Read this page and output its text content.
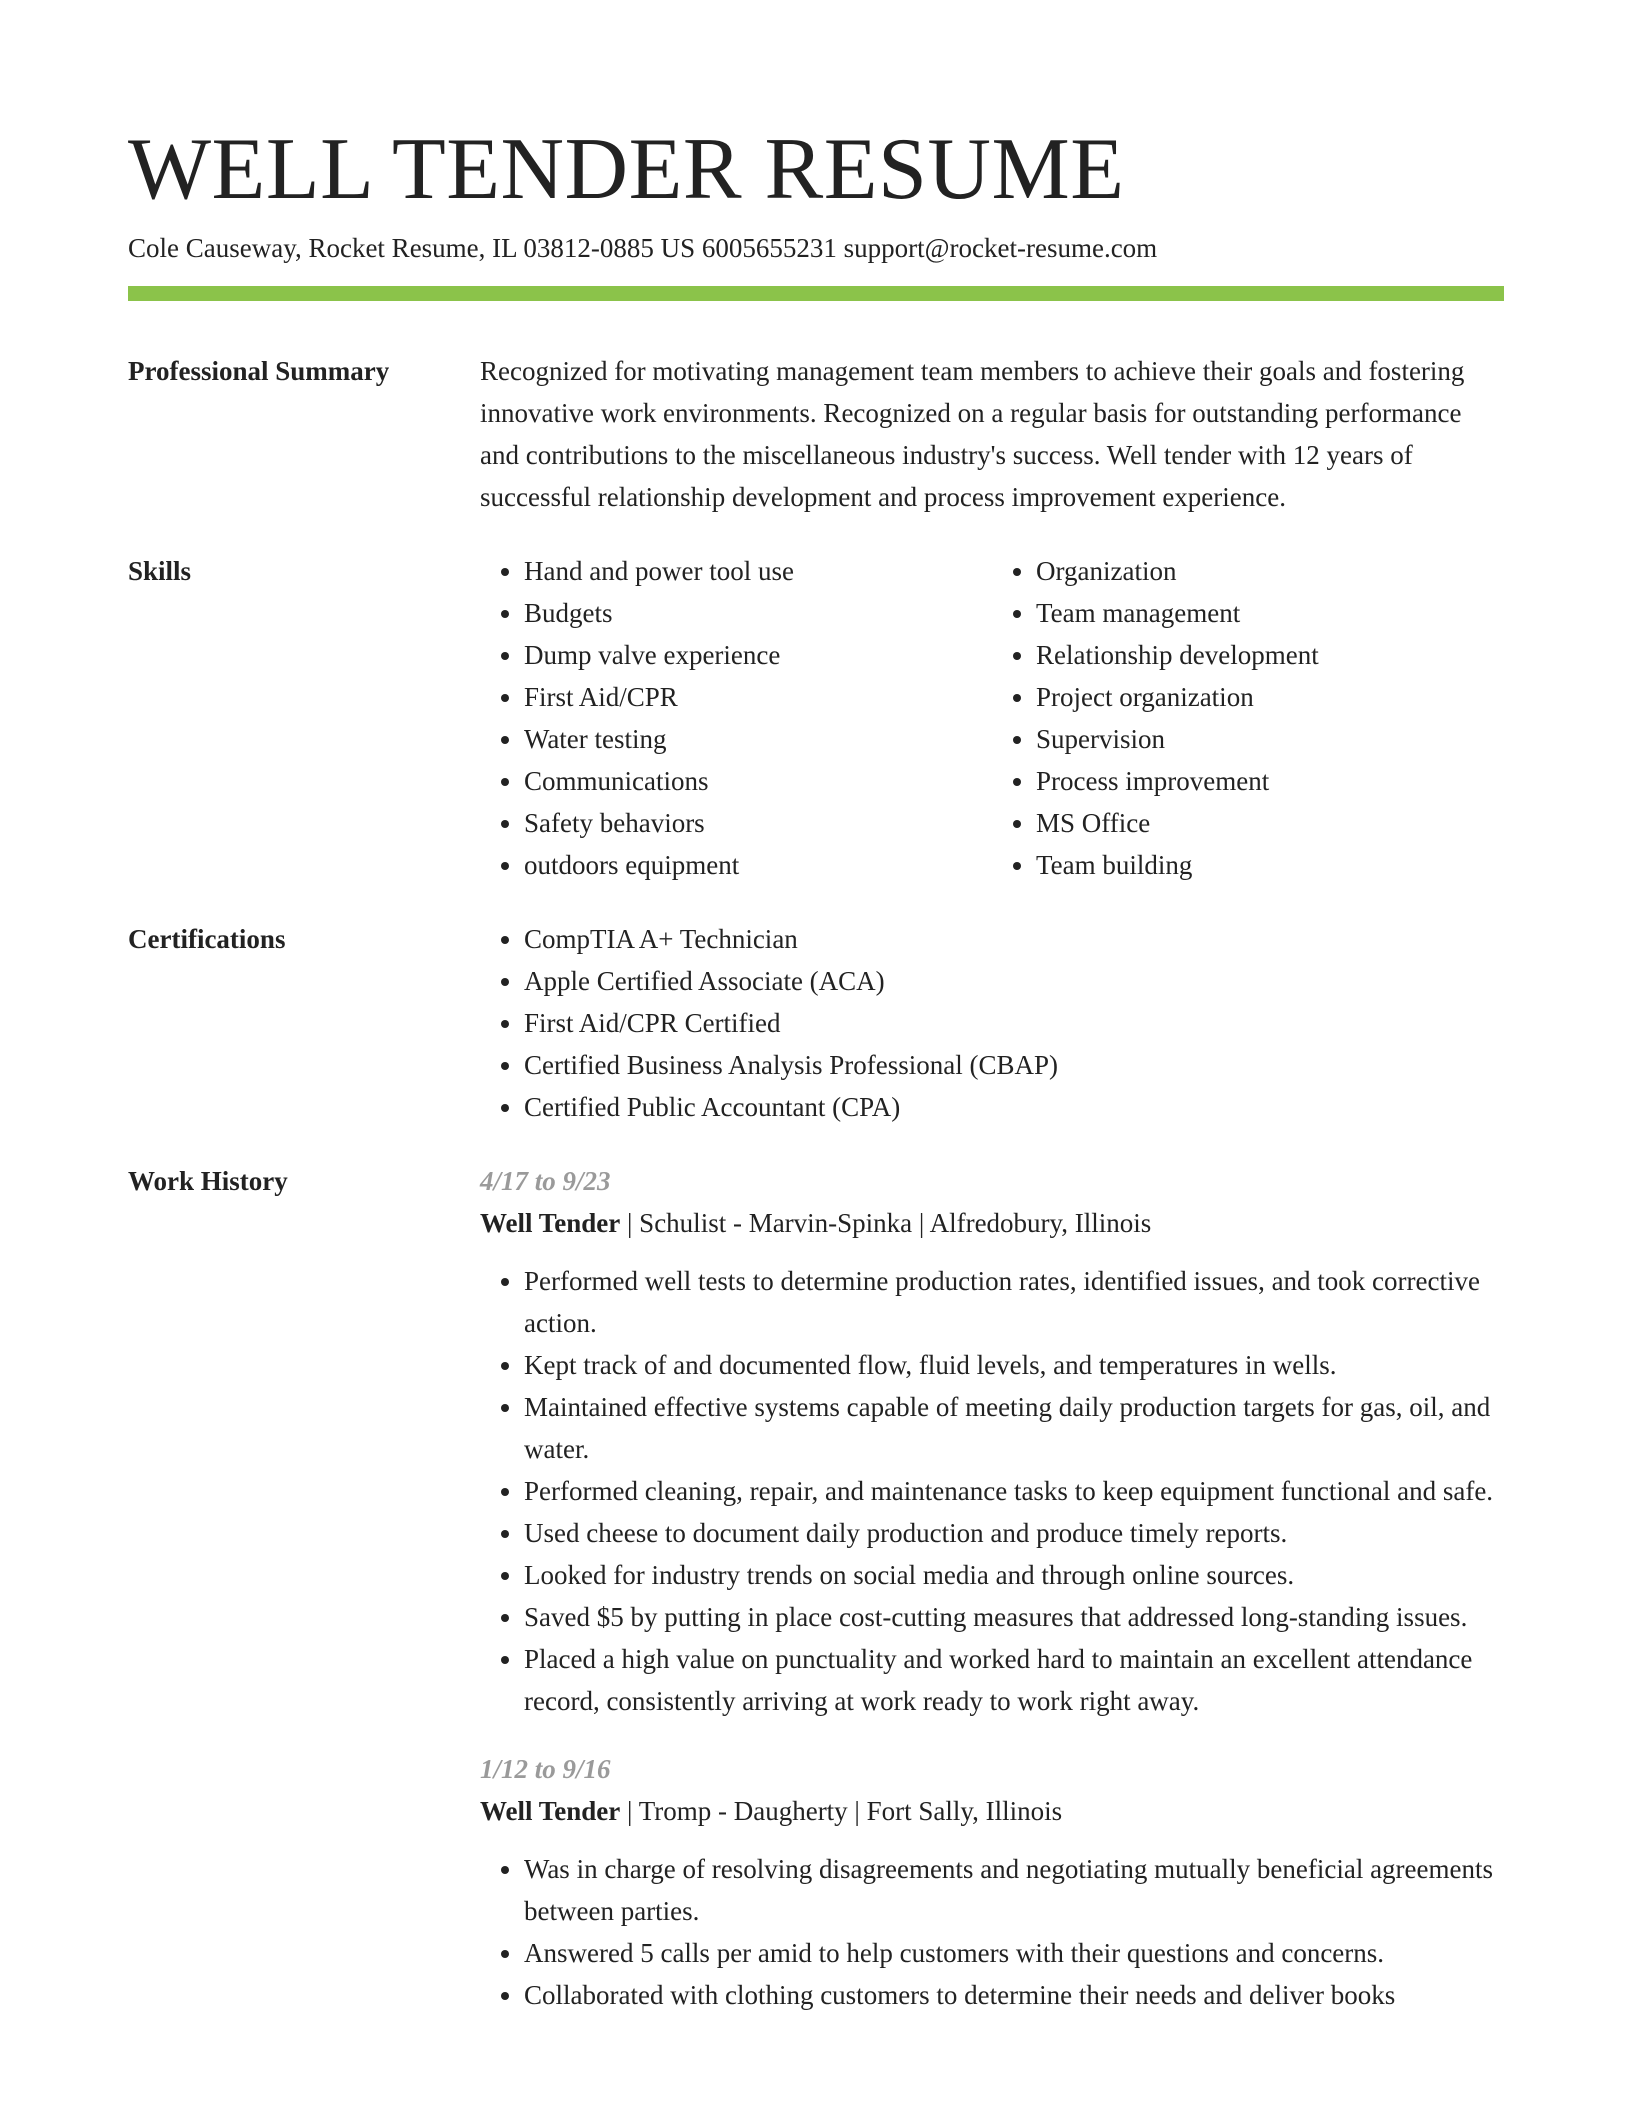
WELL TENDER RESUME
Cole Causeway, Rocket Resume, IL 03812-0885 US 6005655231 support@rocket-resume.com
Professional Summary	Recognized for motivating management team members to achieve their goals and fostering innovative work environments. Recognized on a regular basis for outstanding performance and contributions to the miscellaneous industry's success. Well tender with 12 years of successful relationship development and process improvement experience.

Skills	• Hand and power tool use
• Budgets
• Dump valve experience
• First Aid/CPR
• Water testing
• Communications
• Safety behaviors
• outdoors equipment
• Organization
• Team management
• Relationship development
• Project organization
• Supervision
• Process improvement
• MS Office
• Team building
Certifications	• CompTIA A+ Technician
• Apple Certified Associate (ACA)
• First Aid/CPR Certified
• Certified Business Analysis Professional (CBAP)
• Certified Public Accountant (CPA)
Work History	4/17 to 9/23
Well Tender | Schulist - Marvin-Spinka | Alfredobury, Illinois
• Performed well tests to determine production rates, identified issues, and took corrective action.
• Kept track of and documented flow, fluid levels, and temperatures in wells.
• Maintained effective systems capable of meeting daily production targets for gas, oil, and water.
• Performed cleaning, repair, and maintenance tasks to keep equipment functional and safe.
• Used cheese to document daily production and produce timely reports.
• Looked for industry trends on social media and through online sources.
• Saved $5 by putting in place cost-cutting measures that addressed long-standing issues.
• Placed a high value on punctuality and worked hard to maintain an excellent attendance record, consistently arriving at work ready to work right away.
1/12 to 9/16
Well Tender | Tromp - Daugherty | Fort Sally, Illinois
• Was in charge of resolving disagreements and negotiating mutually beneficial agreements between parties.
• Answered 5 calls per amid to help customers with their questions and concerns.
• Collaborated with clothing customers to determine their needs and deliver books
